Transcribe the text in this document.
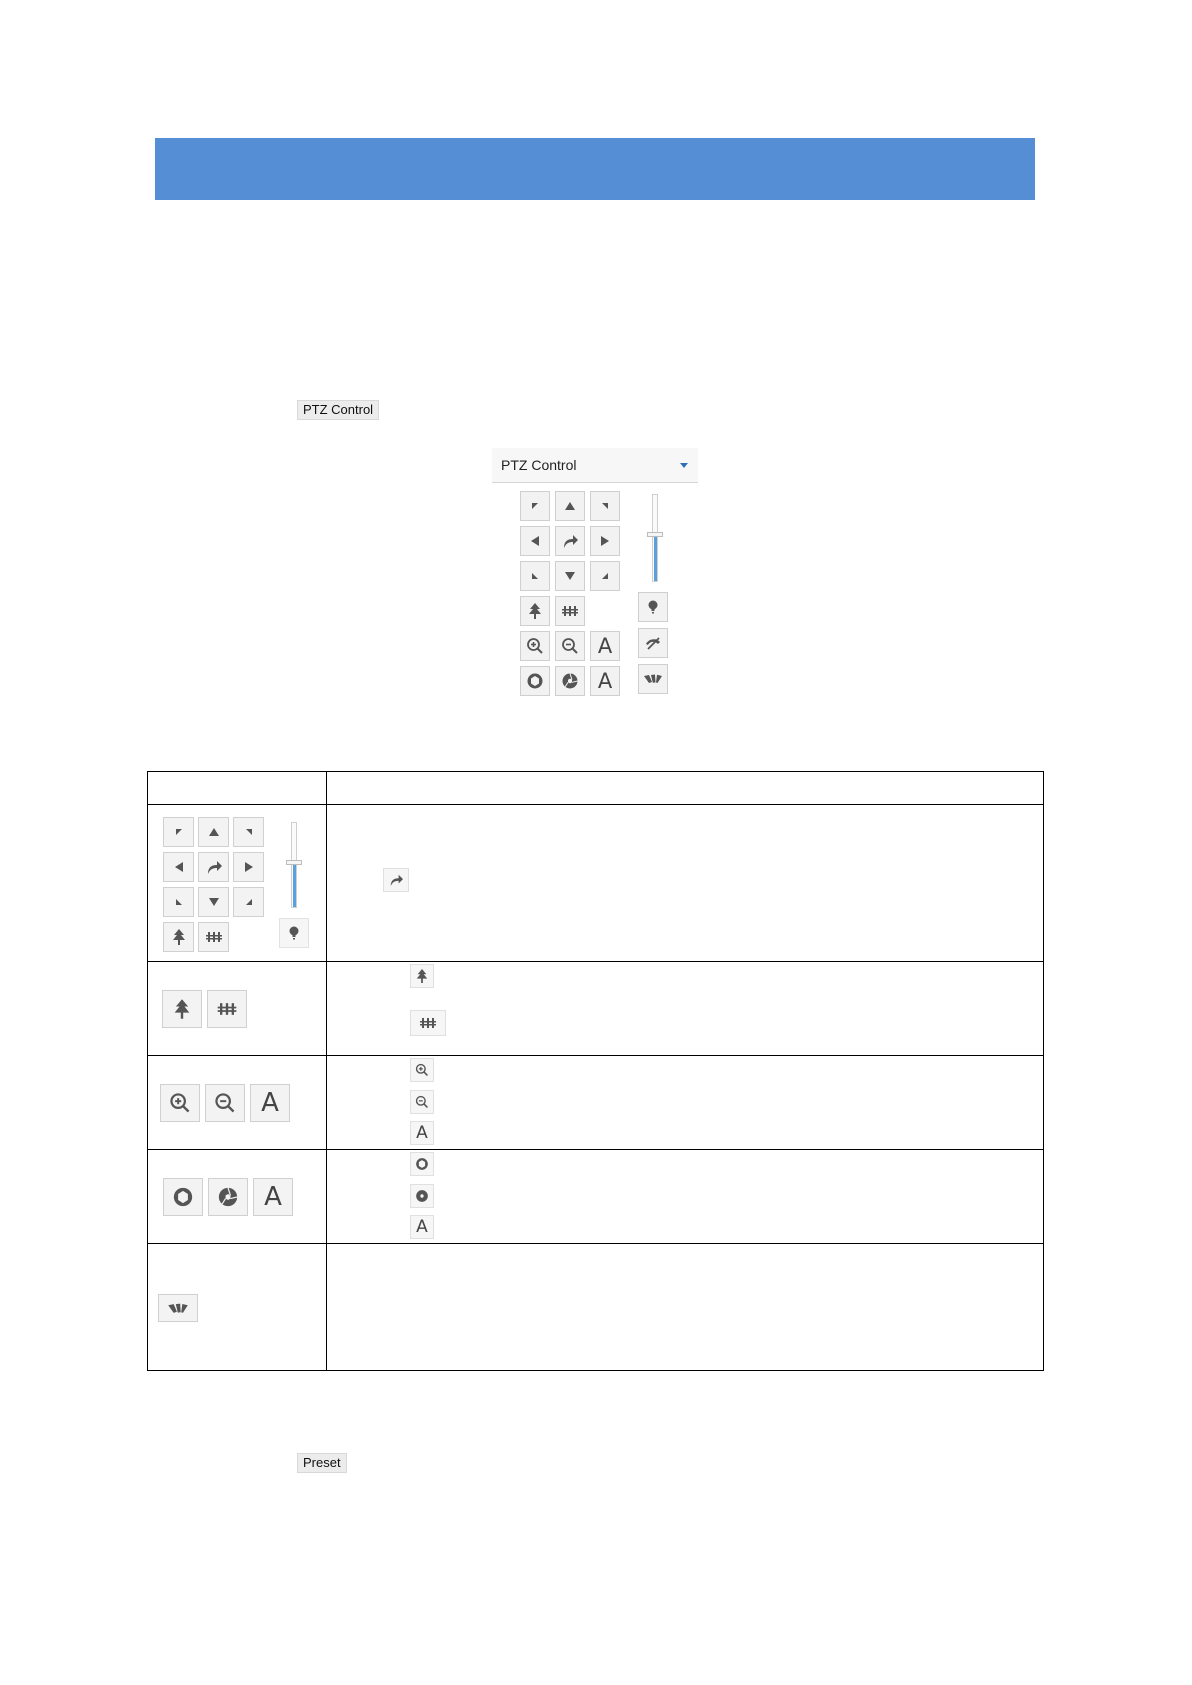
PTZ Control
PTZ Control
A
A
A
A
A
A
Preset
